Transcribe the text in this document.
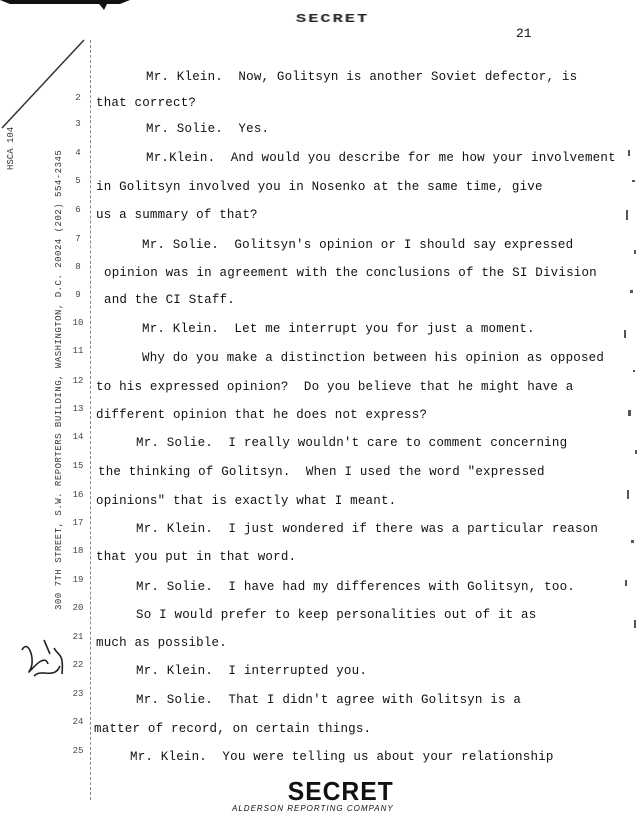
SECRET
21
HSCA 104
300 7TH STREET, S.W. REPORTERS BUILDING, WASHINGTON, D.C. 20024 (202) 554-2345
2
3
4
5
6
7
8
9
10
11
12
13
14
15
16
17
18
19
20
21
22
23
24
25
Mr. Klein.  Now, Golitsyn is another Soviet defector, is
that correct?
Mr. Solie.  Yes.
Mr.Klein.  And would you describe for me how your involvement
in Golitsyn involved you in Nosenko at the same time, give
us a summary of that?
Mr. Solie.  Golitsyn's opinion or I should say expressed
opinion was in agreement with the conclusions of the SI Division
and the CI Staff.
Mr. Klein.  Let me interrupt you for just a moment.
Why do you make a distinction between his opinion as opposed
to his expressed opinion?  Do you believe that he might have a
different opinion that he does not express?
Mr. Solie.  I really wouldn't care to comment concerning
the thinking of Golitsyn.  When I used the word "expressed
opinions" that is exactly what I meant.
Mr. Klein.  I just wondered if there was a particular reason
that you put in that word.
Mr. Solie.  I have had my differences with Golitsyn, too.
So I would prefer to keep personalities out of it as
much as possible.
Mr. Klein.  I interrupted you.
Mr. Solie.  That I didn't agree with Golitsyn is a
matter of record, on certain things.
Mr. Klein.  You were telling us about your relationship
SECRET
ALDERSON REPORTING COMPANY
